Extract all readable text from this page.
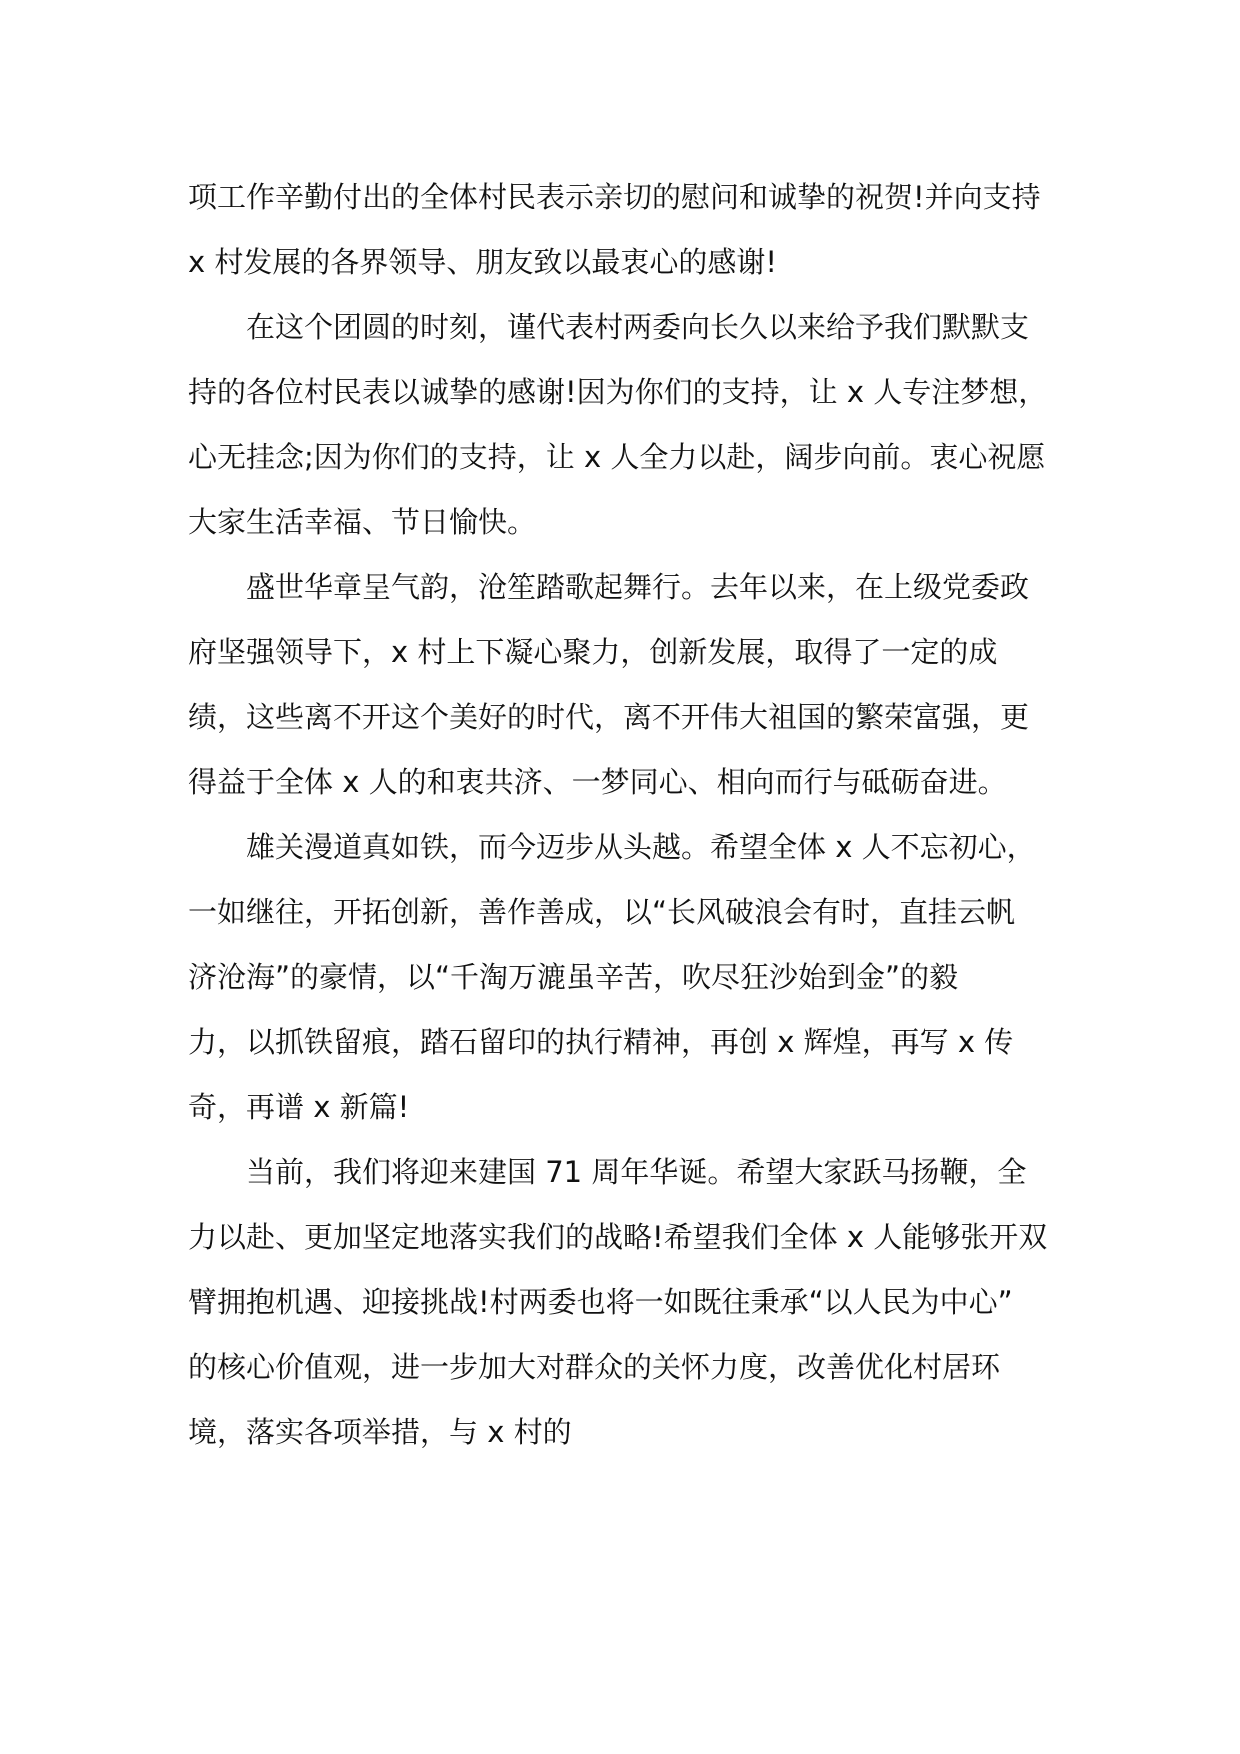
项工作辛勤付出的全体村民表示亲切的慰问和诚挚的祝贺!并向支持
x 村发展的各界领导、朋友致以最衷心的感谢!
在这个团圆的时刻，谨代表村两委向长久以来给予我们默默支
持的各位村民表以诚挚的感谢!因为你们的支持，让 x 人专注梦想，
心无挂念;因为你们的支持，让 x 人全力以赴，阔步向前。衷心祝愿
大家生活幸福、节日愉快。
盛世华章呈气韵，沧笙踏歌起舞行。去年以来，在上级党委政
府坚强领导下，x 村上下凝心聚力，创新发展，取得了一定的成
绩，这些离不开这个美好的时代，离不开伟大祖国的繁荣富强，更
得益于全体 x 人的和衷共济、一梦同心、相向而行与砥砺奋进。
雄关漫道真如铁，而今迈步从头越。希望全体 x 人不忘初心，
一如继往，开拓创新，善作善成，以“长风破浪会有时，直挂云帆
济沧海”的豪情，以“千淘万漉虽辛苦，吹尽狂沙始到金”的毅
力，以抓铁留痕，踏石留印的执行精神，再创 x 辉煌，再写 x 传
奇，再谱 x 新篇!
当前，我们将迎来建国 71 周年华诞。希望大家跃马扬鞭，全
力以赴、更加坚定地落实我们的战略!希望我们全体 x 人能够张开双
臂拥抱机遇、迎接挑战!村两委也将一如既往秉承“以人民为中心”
的核心价值观，进一步加大对群众的关怀力度，改善优化村居环
境，落实各项举措，与 x 村的
